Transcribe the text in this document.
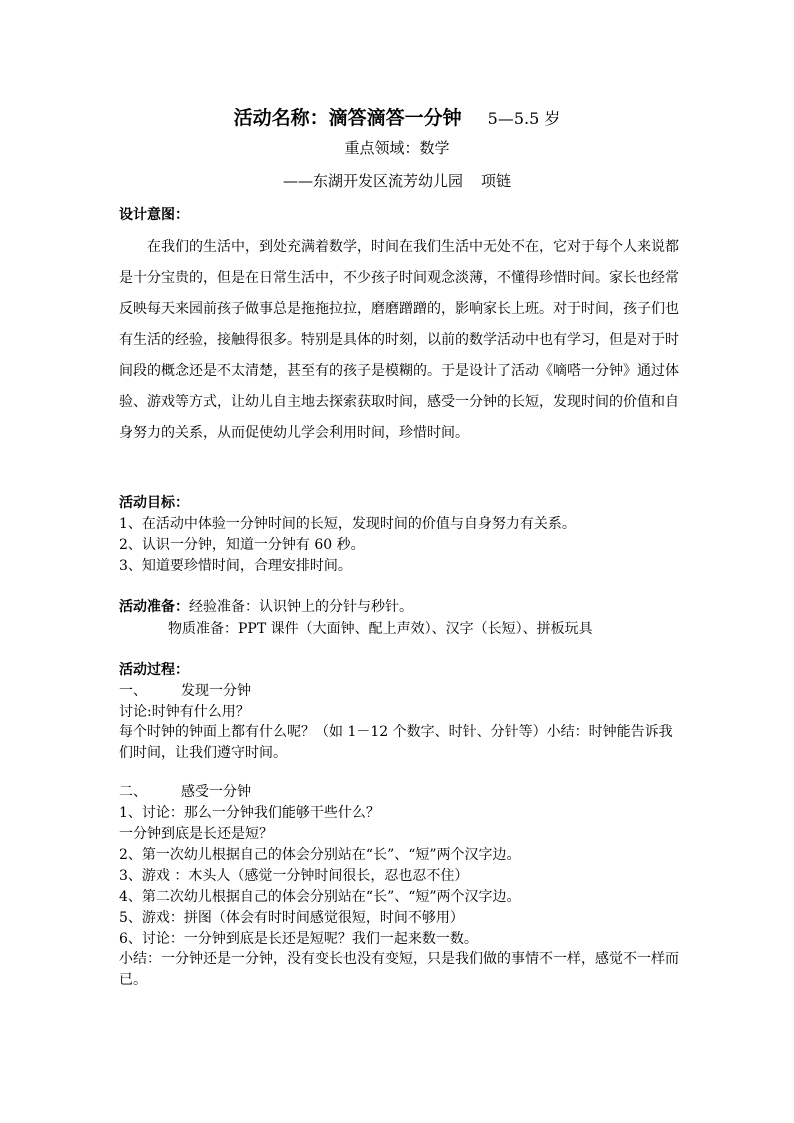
活动名称：滴答滴答一分钟 5—5.5 岁
重点领域：数学
——东湖开发区流芳幼儿园 项链
设计意图：

在我们的生活中，到处充满着数学，时间在我们生活中无处不在，它对于每个人来说都是十分宝贵的，但是在日常生活中，不少孩子时间观念淡薄，不懂得珍惜时间。家长也经常反映每天来园前孩子做事总是拖拖拉拉，磨磨蹭蹭的，影响家长上班。对于时间，孩子们也有生活的经验，接触得很多。特别是具体的时刻，以前的数学活动中也有学习，但是对于时间段的概念还是不太清楚，甚至有的孩子是模糊的。于是设计了活动《嘀嗒一分钟》通过体验、游戏等方式，让幼儿自主地去探索获取时间，感受一分钟的长短，发现时间的价值和自身努力的关系，从而促使幼儿学会利用时间，珍惜时间。

活动目标：
1、在活动中体验一分钟时间的长短，发现时间的价值与自身努力有关系。
2、认识一分钟，知道一分钟有 60 秒。
3、知道要珍惜时间，合理安排时间。
活动准备：经验准备：认识钟上的分针与秒针。
物质准备：PPT 课件（大面钟、配上声效）、汉字（长短）、拼板玩具
活动过程：
一、 发现一分钟
讨论:时钟有什么用？

每个时钟的钟面上都有什么呢？（如 1－12 个数字、时针、分针等）小结：时钟能告诉我们时间，让我们遵守时间。

二、 感受一分钟
1、讨论：那么一分钟我们能够干些什么？
一分钟到底是长还是短？
2、第一次幼儿根据自己的体会分别站在“长”、“短”两个汉字边。
3、游戏 ：木头人（感觉一分钟时间很长，忍也忍不住）
4、第二次幼儿根据自己的体会分别站在“长”、“短”两个汉字边。
5、游戏：拼图（体会有时时间感觉很短，时间不够用）
6、讨论：一分钟到底是长还是短呢？我们一起来数一数。

小结：一分钟还是一分钟，没有变长也没有变短，只是我们做的事情不一样，感觉不一样而已。
